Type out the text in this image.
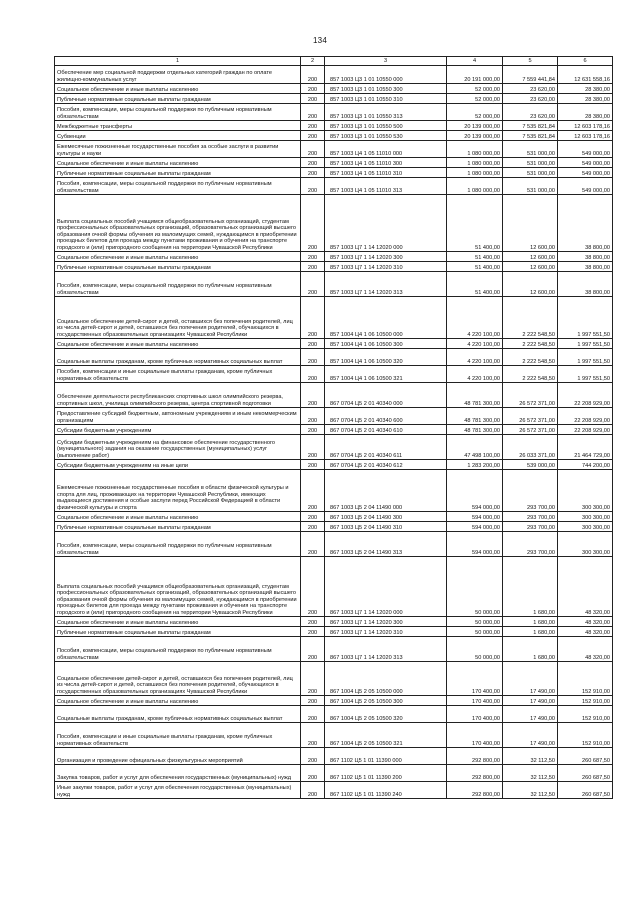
134
1	2	3	4	5	6
Обеспечение мер социальной поддержки отдельных категорий граждан по оплате жилищно-коммунальных услуг	200	857 1003 Ц3 1 01 10550 000	20 191 000,00	7 559 441,84	12 631 558,16
Социальное обеспечение и иные выплаты населению	200	857 1003 Ц3 1 01 10550 300	52 000,00	23 620,00	28 380,00
Публичные нормативные социальные выплаты гражданам	200	857 1003 Ц3 1 01 10550 310	52 000,00	23 620,00	28 380,00
Пособия, компенсации, меры социальной поддержки по публичным нормативным обязательствам	200	857 1003 Ц3 1 01 10550 313	52 000,00	23 620,00	28 380,00
Межбюджетные трансферты	200	857 1003 Ц3 1 01 10550 500	20 139 000,00	7 535 821,84	12 603 178,16
Субвенции	200	857 1003 Ц3 1 01 10550 530	20 139 000,00	7 535 821,84	12 603 178,16
Ежемесячные пожизненные государственные пособия за особые заслуги в развитии культуры и науки	200	857 1003 Ц4 1 05 11010 000	1 080 000,00	531 000,00	549 000,00
Социальное обеспечение и иные выплаты населению	200	857 1003 Ц4 1 05 11010 300	1 080 000,00	531 000,00	549 000,00
Публичные нормативные социальные выплаты гражданам	200	857 1003 Ц4 1 05 11010 310	1 080 000,00	531 000,00	549 000,00
Пособия, компенсации, меры социальной поддержки по публичным нормативным обязательствам	200	857 1003 Ц4 1 05 11010 313	1 080 000,00	531 000,00	549 000,00
Выплата социальных пособий учащимся общеобразовательных организаций, студентам профессиональных образовательных организаций, образовательных организаций высшего образования очной формы обучения из малоимущих семей, нуждающимся в приобретении проездных билетов для проезда между пунктами проживания и обучения на транспорте городского и (или) пригородного сообщения на территории Чувашской Республики	200	857 1003 Ц7 1 14 12020 000	51 400,00	12 600,00	38 800,00
Социальное обеспечение и иные выплаты населению	200	857 1003 Ц7 1 14 12020 300	51 400,00	12 600,00	38 800,00
Публичные нормативные социальные выплаты гражданам	200	857 1003 Ц7 1 14 12020 310	51 400,00	12 600,00	38 800,00
Пособия, компенсации, меры социальной поддержки по публичным нормативным обязательствам	200	857 1003 Ц7 1 14 12020 313	51 400,00	12 600,00	38 800,00
Социальное обеспечение детей-сирот и детей, оставшихся без попечения родителей, лиц из числа детей-сирот и детей, оставшихся без попечения родителей, обучающихся в государственных образовательных организациях Чувашской Республики	200	857 1004 Ц4 1 06 10500 000	4 220 100,00	2 222 548,50	1 997 551,50
Социальное обеспечение и иные выплаты населению	200	857 1004 Ц4 1 06 10500 300	4 220 100,00	2 222 548,50	1 997 551,50
Социальные выплаты гражданам, кроме публичных нормативных социальных выплат	200	857 1004 Ц4 1 06 10500 320	4 220 100,00	2 222 548,50	1 997 551,50
Пособия, компенсации и иные социальные выплаты гражданам, кроме публичных нормативных обязательств	200	857 1004 Ц4 1 06 10500 321	4 220 100,00	2 222 548,50	1 997 551,50
Обеспечение деятельности республиканских спортивных школ олимпийского резерва, спортивных школ, училища олимпийского резерва, центра спортивной подготовки	200	867 0704 Ц5 2 01 40340 000	48 781 300,00	26 572 371,00	22 208 929,00
Предоставление субсидий бюджетным, автономным учреждениям и иным некоммерческим организациям	200	867 0704 Ц5 2 01 40340 600	48 781 300,00	26 572 371,00	22 208 929,00
Субсидии бюджетным учреждениям	200	867 0704 Ц5 2 01 40340 610	48 781 300,00	26 572 371,00	22 208 929,00
Субсидии бюджетным учреждениям на финансовое обеспечение государственного (муниципального) задания на оказание государственных (муниципальных) услуг (выполнение работ)	200	867 0704 Ц5 2 01 40340 611	47 498 100,00	26 033 371,00	21 464 729,00
Субсидии бюджетным учреждениям на иные цели	200	867 0704 Ц5 2 01 40340 612	1 283 200,00	539 000,00	744 200,00
Ежемесячные пожизненные государственные пособия в области физической культуры и спорта для лиц, проживающих на территории Чувашской Республики, имеющих выдающиеся достижения и особые заслуги перед Российской Федерацией в области физической культуры и спорта	200	867 1003 Ц5 2 04 11490 000	594 000,00	293 700,00	300 300,00
Социальное обеспечение и иные выплаты населению	200	867 1003 Ц5 2 04 11490 300	594 000,00	293 700,00	300 300,00
Публичные нормативные социальные выплаты гражданам	200	867 1003 Ц5 2 04 11490 310	594 000,00	293 700,00	300 300,00
Пособия, компенсации, меры социальной поддержки по публичным нормативным обязательствам	200	867 1003 Ц5 2 04 11490 313	594 000,00	293 700,00	300 300,00
Выплата социальных пособий учащимся общеобразовательных организаций, студентам профессиональных образовательных организаций, образовательных организаций высшего образования очной формы обучения из малоимущих семей, нуждающимся в приобретении проездных билетов для проезда между пунктами проживания и обучения на транспорте городского и (или) пригородного сообщения на территории Чувашской Республики	200	867 1003 Ц7 1 14 12020 000	50 000,00	1 680,00	48 320,00
Социальное обеспечение и иные выплаты населению	200	867 1003 Ц7 1 14 12020 300	50 000,00	1 680,00	48 320,00
Публичные нормативные социальные выплаты гражданам	200	867 1003 Ц7 1 14 12020 310	50 000,00	1 680,00	48 320,00
Пособия, компенсации, меры социальной поддержки по публичным нормативным обязательствам	200	867 1003 Ц7 1 14 12020 313	50 000,00	1 680,00	48 320,00
Социальное обеспечение детей-сирот и детей, оставшихся без попечения родителей, лиц из числа детей-сирот и детей, оставшихся без попечения родителей, обучающихся в государственных образовательных организациях Чувашской Республики	200	867 1004 Ц5 2 05 10500 000	170 400,00	17 490,00	152 910,00
Социальное обеспечение и иные выплаты населению	200	867 1004 Ц5 2 05 10500 300	170 400,00	17 490,00	152 910,00
Социальные выплаты гражданам, кроме публичных нормативных социальных выплат	200	867 1004 Ц5 2 05 10500 320	170 400,00	17 490,00	152 910,00
Пособия, компенсации и иные социальные выплаты гражданам, кроме публичных нормативных обязательств	200	867 1004 Ц5 2 05 10500 321	170 400,00	17 490,00	152 910,00
Организация и проведение официальных физкультурных мероприятий	200	867 1102 Ц5 1 01 11390 000	292 800,00	32 112,50	260 687,50
Закупка товаров, работ и услуг для обеспечения государственных (муниципальных) нужд	200	867 1102 Ц5 1 01 11390 200	292 800,00	32 112,50	260 687,50
Иные закупки товаров, работ и услуг для обеспечения государственных (муниципальных) нужд	200	867 1102 Ц5 1 01 11390 240	292 800,00	32 112,50	260 687,50
